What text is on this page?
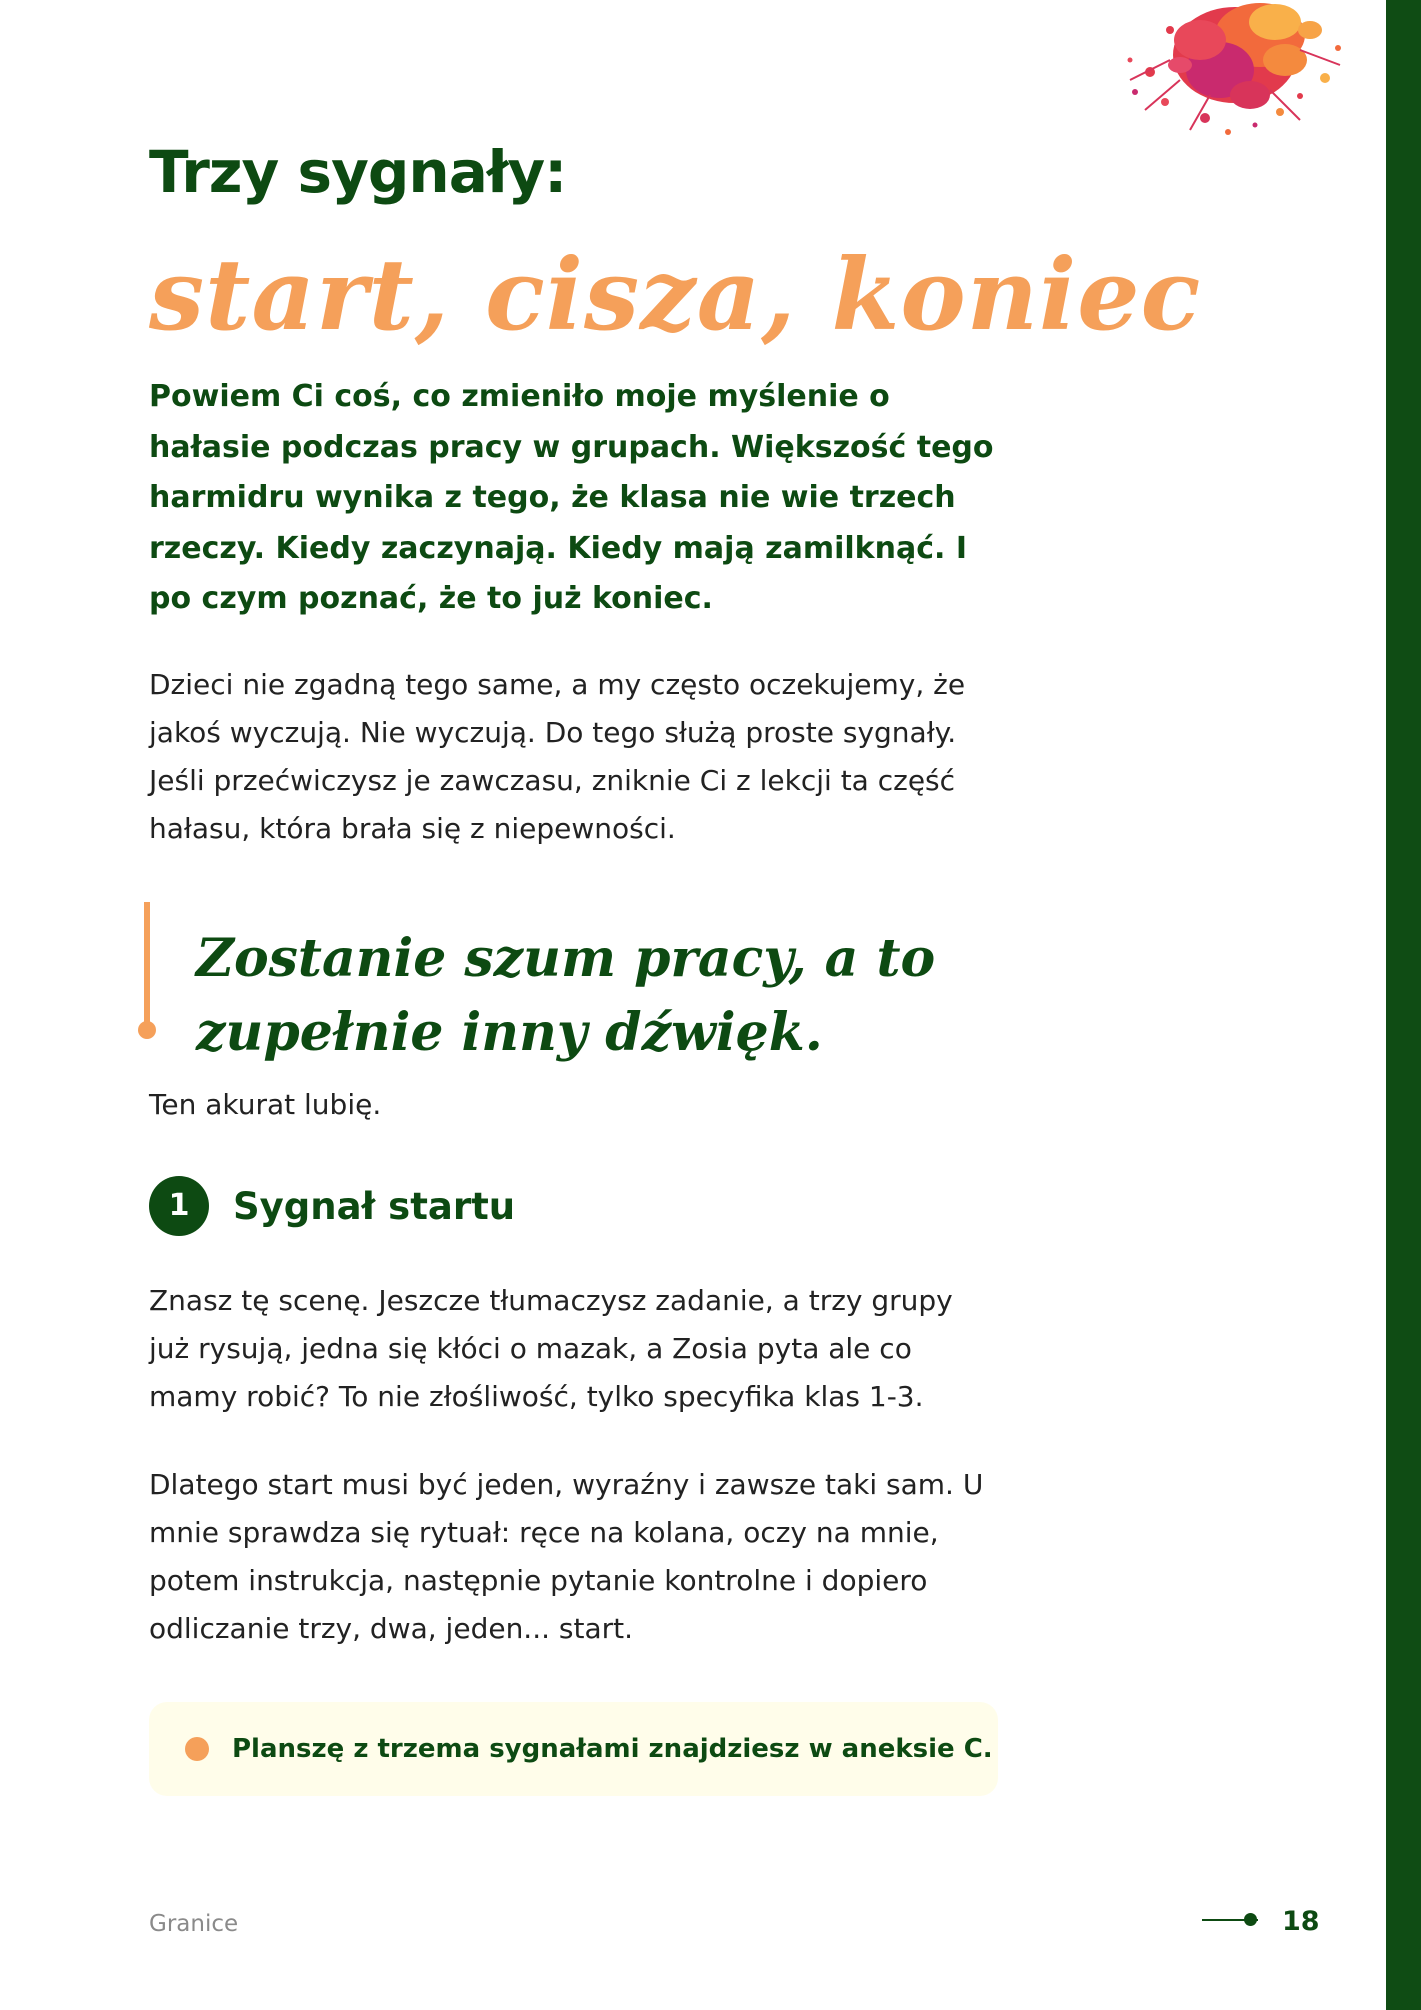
Trzy sygnały:
start, cisza, koniec

Powiem Ci coś, co zmieniło moje myślenie o hałasie podczas pracy w grupach. Większość tego harmidru wynika z tego, że klasa nie wie trzech rzeczy. Kiedy zaczynają. Kiedy mają zamilknąć. I po czym poznać, że to już koniec.

Dzieci nie zgadną tego same, a my często oczekujemy, że jakoś wyczują. Nie wyczują. Do tego służą proste sygnały. Jeśli przećwiczysz je zawczasu, zniknie Ci z lekcji ta część hałasu, która brała się z niepewności.

Ten akurat lubię.

1	Sygnał startu

Znasz tę scenę. Jeszcze tłumaczysz zadanie, a trzy grupy już rysują, jedna się kłóci o mazak, a Zosia pyta ale co mamy robić? To nie złośliwość, tylko specyfika klas 1-3.

Dlatego start musi być jeden, wyraźny i zawsze taki sam. U mnie sprawdza się rytuał: ręce na kolana, oczy na mnie, potem instrukcja, następnie pytanie kontrolne i dopiero odliczanie trzy, dwa, jeden... start.

Planszę z trzema sygnałami znajdziesz w aneksie C.

Zostanie szum pracy, a to zupełnie inny dźwięk.

Granice	18
